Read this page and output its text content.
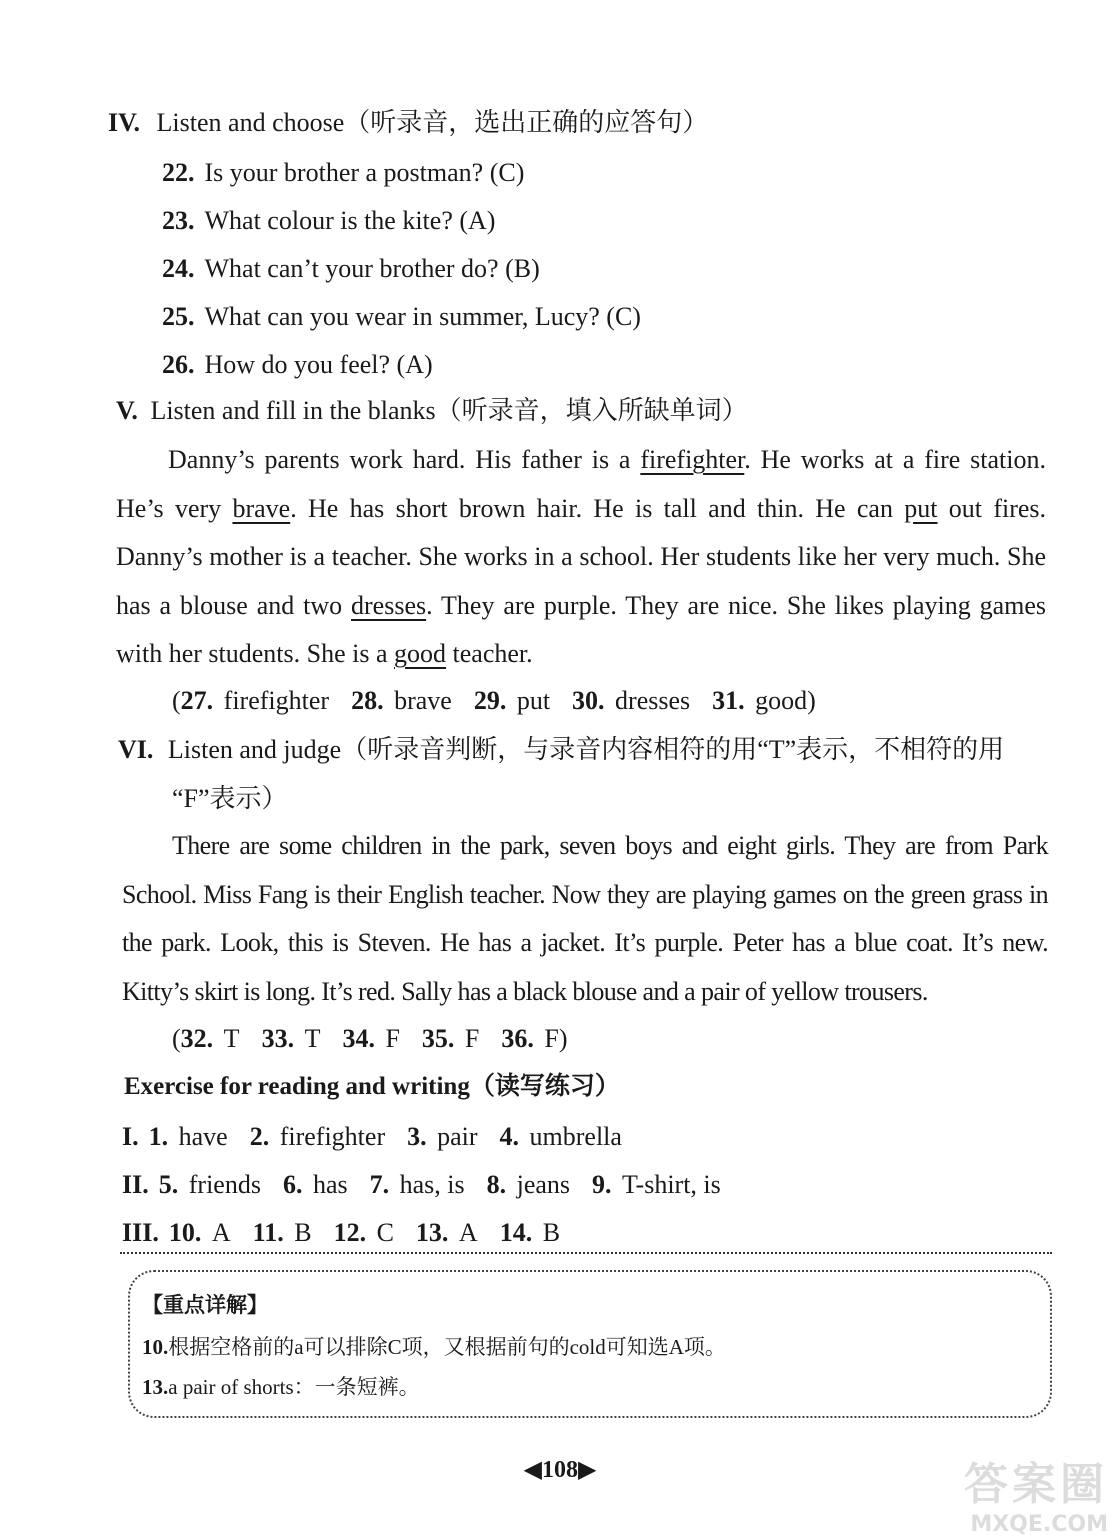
IV. Listen and choose（听录音，选出正确的应答句）
22. Is your brother a postman? (C)
23. What colour is the kite? (A)
24. What can’t your brother do? (B)
25. What can you wear in summer, Lucy? (C)
26. How do you feel? (A)
V. Listen and fill in the blanks（听录音，填入所缺单词）
Danny’s parents work hard. His father is a firefighter. He works at a fire station. He’s very brave. He has short brown hair. He is tall and thin. He can put out fires. Danny’s mother is a teacher. She works in a school. Her students like her very much. She has a blouse and two dresses. They are purple. They are nice. She likes playing games with her students. She is a good teacher.
(27. firefighter 28. brave 29. put 30. dresses 31. good)
VI. Listen and judge（听录音判断，与录音内容相符的用“T”表示，不相符的用
“F”表示）
There are some children in the park, seven boys and eight girls. They are from Park School. Miss Fang is their English teacher. Now they are playing games on the green grass in the park. Look, this is Steven. He has a jacket. It’s purple. Peter has a blue coat. It’s new. Kitty’s skirt is long. It’s red. Sally has a black blouse and a pair of yellow trousers.
(32. T 33. T 34. F 35. F 36. F)
Exercise for reading and writing（读写练习）
I. 1. have 2. firefighter 3. pair 4. umbrella
II. 5. friends 6. has 7. has, is 8. jeans 9. T-shirt, is
III. 10. A 11. B 12. C 13. A 14. B
【重点详解】
10.根据空格前的a可以排除C项，又根据前句的cold可知选A项。
13.a pair of shorts：一条短裤。
◀108▶	答案圈
MXQE.COM
